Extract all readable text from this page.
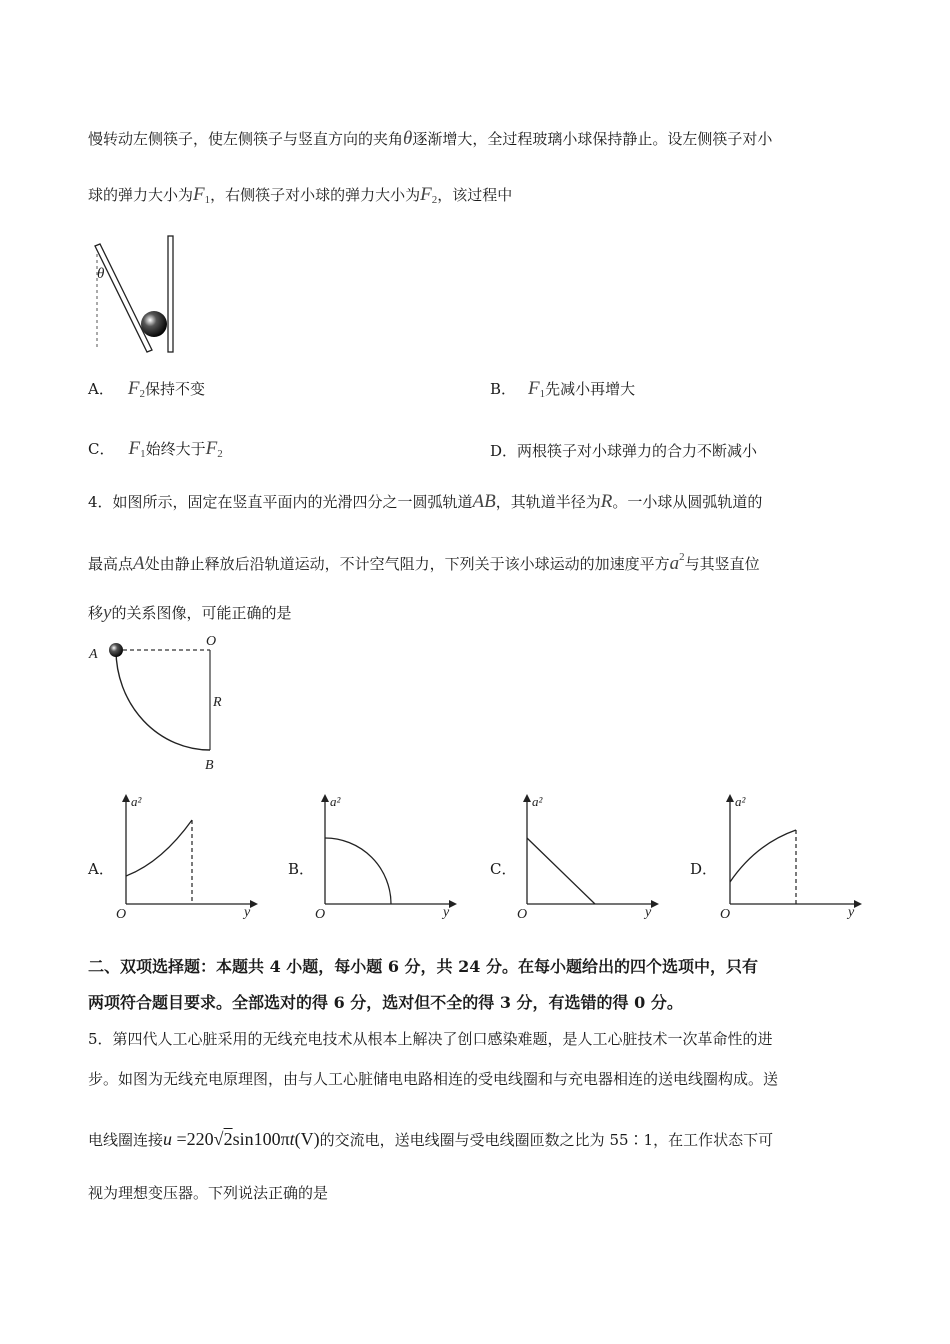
慢转动左侧筷子，使左侧筷子与竖直方向的夹角θ逐渐增大，全过程玻璃小球保持静止。设左侧筷子对小
球的弹力大小为$F_1$，右侧筷子对小球的弹力大小为$F_2$，该过程中
θ
A． $F_2$保持不变	B． $F_1$先减小再增大
C． $F_1$始终大于$F_2$	D．两根筷子对小球弹力的合力不断减小
4．如图所示，固定在竖直平面内的光滑四分之一圆弧轨道AB，其轨道半径为R。一小球从圆弧轨道的
最高点A处由静止释放后沿轨道运动，不计空气阻力，下列关于该小球运动的加速度平方$a^2$与其竖直位
移y的关系图像，可能正确的是
A
O
R
B
A．	B．	C．	D．
a²
y
O
a²
y
O
a²
y
O
a²
y
O
二、双项选择题：本题共 4 小题，每小题 6 分，共 24 分。在每小题给出的四个选项中，只有
两项符合题目要求。全部选对的得 6 分，选对但不全的得 3 分，有选错的得 0 分。
5．第四代人工心脏采用的无线充电技术从根本上解决了创口感染难题，是人工心脏技术一次革命性的进
步。如图为无线充电原理图，由与人工心脏储电电路相连的受电线圈和与充电器相连的送电线圈构成。送
电线圈连接u =220√2sin100πt(V)的交流电，送电线圈与受电线圈匝数之比为 55∶1，在工作状态下可
视为理想变压器。下列说法正确的是
